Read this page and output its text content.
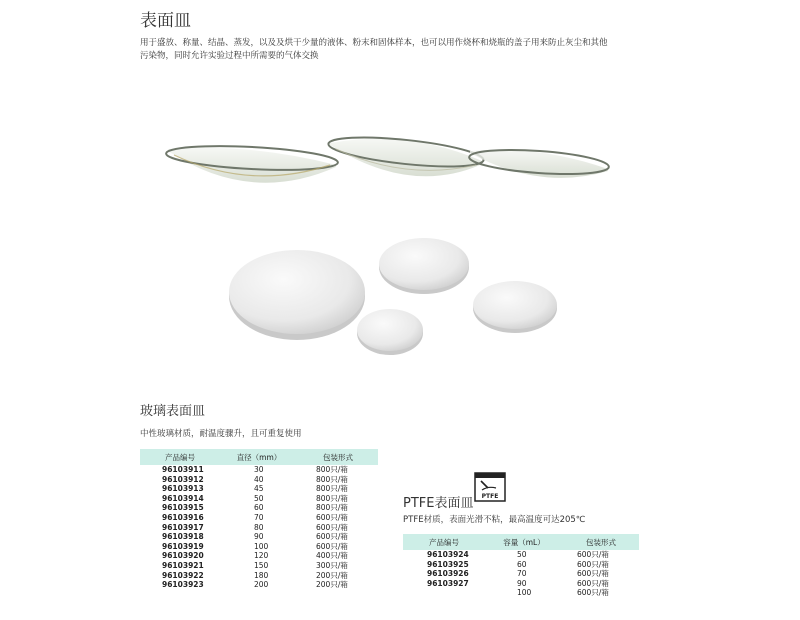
表面皿
用于盛放、称量、结晶、蒸发，以及及烘干少量的液体、粉末和固体样本，也可以用作烧杯和烧瓶的盖子用来防止灰尘和其他
污染物，同时允许实验过程中所需要的气体交换
玻璃表面皿
中性玻璃材质，耐温度骤升，且可重复使用
产品编号	直径（mm）	包装形式
96103911	30	800只/箱
96103912	40	800只/箱
96103913	45	800只/箱
96103914	50	800只/箱
96103915	60	800只/箱
96103916	70	600只/箱
96103917	80	600只/箱
96103918	90	600只/箱
96103919	100	600只/箱
96103920	120	400只/箱
96103921	150	300只/箱
96103922	180	200只/箱
96103923	200	200只/箱
PTFE表面皿 PTFE
PTFE材质，表面光滑不粘，最高温度可达205℃
产品编号	容量（mL）	包装形式
96103924	50	600只/箱
96103925	60	600只/箱
96103926	70	600只/箱
96103927	90	600只/箱
	100	600只/箱
